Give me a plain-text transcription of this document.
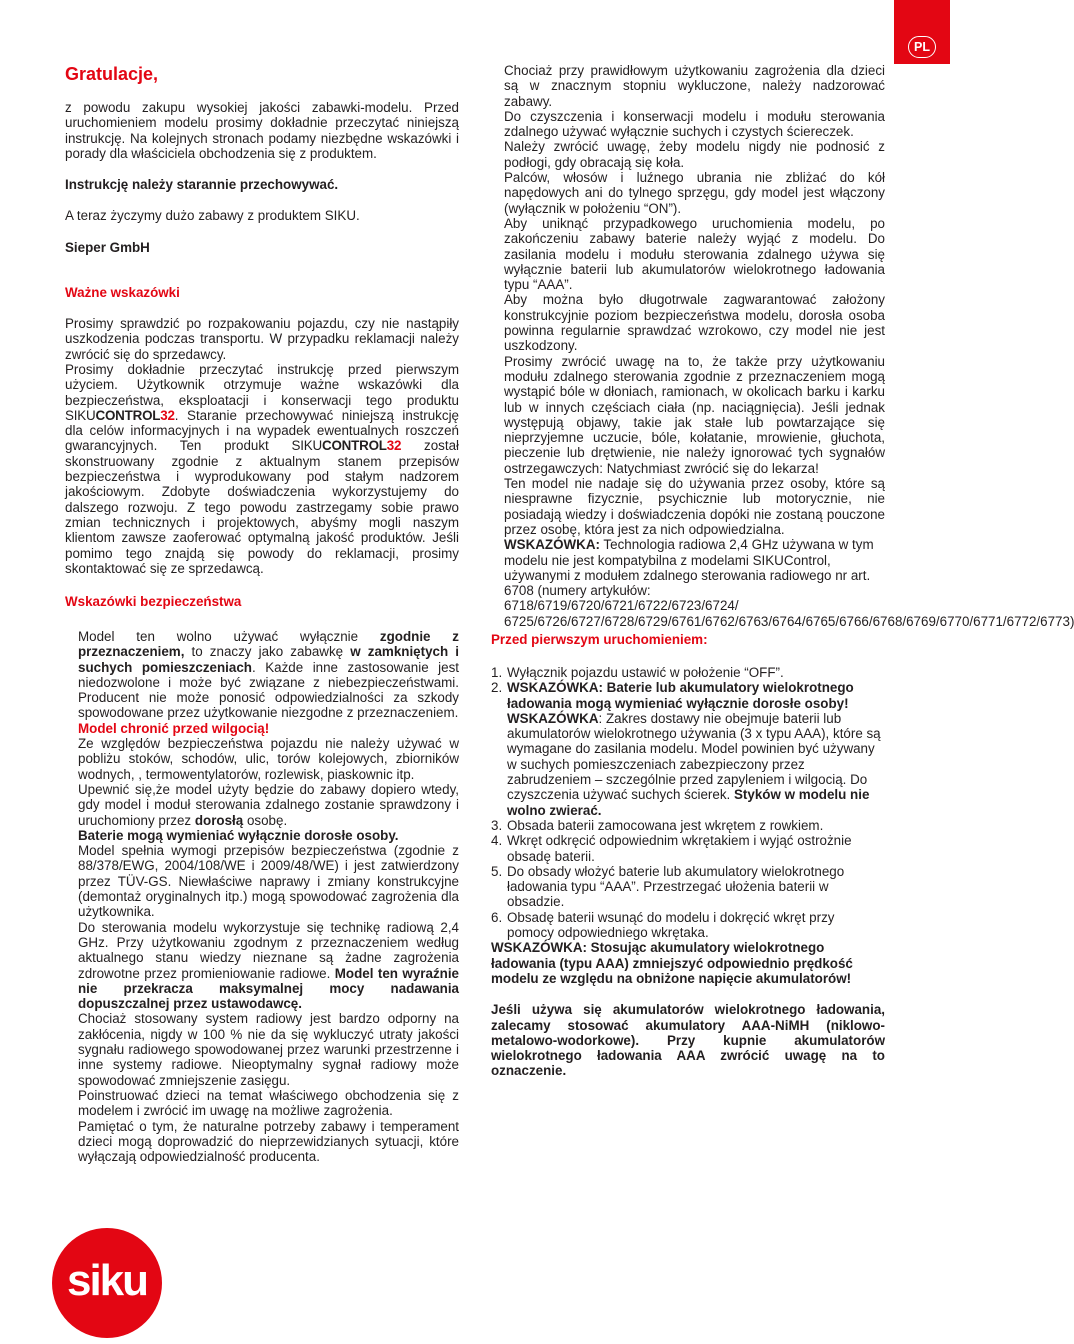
PL

Gratulacje,

z powodu zakupu wysokiej jakości zabawki-modelu. Przed uruchomieniem modelu prosimy dokładnie przeczytać niniejszą instrukcję. Na kolejnych stronach podamy niezbędne wskazówki i porady dla właściciela obchodzenia się z produktem.

Instrukcję należy starannie przechowywać.

A teraz życzymy dużo zabawy z produktem SIKU.

Sieper GmbH

Ważne wskazówki

Prosimy sprawdzić po rozpakowaniu pojazdu, czy nie nastąpiły uszkodzenia podczas transportu. W przypadku reklamacji należy zwrócić się do sprzedawcy.

Prosimy dokładnie przeczytać instrukcję przed pierwszym użyciem. Użytkownik otrzymuje ważne wskazówki dla bezpieczeństwa, eksploatacji i konserwacji tego produktu SIKUCONTROL32. Staranie przechowywać niniejszą instrukcję dla celów informacyjnych i na wypadek ewentualnych roszczeń gwarancyjnych. Ten produkt SIKUCONTROL32 został skonstruowany zgodnie z aktualnym stanem przepisów bezpieczeństwa i wyprodukowany pod stałym nadzorem jakościowym. Zdobyte doświadczenia wykorzystujemy do dalszego rozwoju. Z tego powodu zastrzegamy sobie prawo zmian technicznych i projektowych, abyśmy mogli naszym klientom zawsze zaoferować optymalną jakość produktów. Jeśli pomimo tego znajdą się powody do reklamacji, prosimy skontaktować się ze sprzedawcą.

Wskazówki bezpieczeństwa

Model ten wolno używać wyłącznie zgodnie z przeznaczeniem, to znaczy jako zabawkę w zamkniętych i suchych pomieszczeniach. Każde inne zastosowanie jest niedozwolone i może być związane z niebezpieczeństwami. Producent nie może ponosić odpowiedzialności za szkody spowodowane przez użytkowanie niezgodne z przeznaczeniem.

Model chronić przed wilgocią!

Ze względów bezpieczeństwa pojazdu nie należy używać w pobliżu stoków, schodów, ulic, torów kolejowych, zbiorników wodnych, , termowentylatorów, rozlewisk, piaskownic itp.

Upewnić się,że model użyty będzie do zabawy dopiero wtedy, gdy model i moduł sterowania zdalnego zostanie sprawdzony i uruchomiony przez dorosłą osobę.

Baterie mogą wymieniać wyłącznie dorosłe osoby.

Model spełnia wymogi przepisów bezpieczeństwa (zgodnie z 88/378/EWG, 2004/108/WE i 2009/48/WE) i jest zatwierdzony przez TÜV-GS. Niewłaściwe naprawy i zmiany konstrukcyjne (demontaż oryginalnych itp.) mogą spowodować zagrożenia dla użytkownika.

Do sterowania modelu wykorzystuje się technikę radiową 2,4 GHz. Przy użytkowaniu zgodnym z przeznaczeniem według aktualnego stanu wiedzy nieznane są żadne zagrożenia zdrowotne przez promieniowanie radiowe. Model ten wyraźnie nie przekracza maksymalnej mocy nadawania dopuszczalnej przez ustawodawcę.

Chociaż stosowany system radiowy jest bardzo odporny na zakłócenia, nigdy w 100 % nie da się wykluczyć utraty jakości sygnału radiowego spowodowanej przez warunki przestrzenne i inne systemy radiowe. Nieoptymalny sygnał radiowy może spowodować zmniejszenie zasięgu.

Poinstruować dzieci na temat właściwego obchodzenia się z modelem i zwrócić im uwagę na możliwe zagrożenia.

Pamiętać o tym, że naturalne potrzeby zabawy i temperament dzieci mogą doprowadzić do nieprzewidzianych sytuacji, które wyłączają odpowiedzialność producenta.

Chociaż przy prawidłowym użytkowaniu zagrożenia dla dzieci są w znacznym stopniu wykluczone, należy nadzorować zabawy.

Do czyszczenia i konserwacji modelu i modułu sterowania zdalnego używać wyłącznie suchych i czystych ściereczek.

Należy zwrócić uwagę, żeby modelu nigdy nie podnosić z podłogi, gdy obracają się koła.

Palców, włosów i luźnego ubrania nie zbliżać do kół napędowych ani do tylnego sprzęgu, gdy model jest włączony (wyłącznik w położeniu “ON”).

Aby uniknąć przypadkowego uruchomienia modelu, po zakończeniu zabawy baterie należy wyjąć z modelu. Do zasilania modelu i modułu sterowania zdalnego używa się wyłącznie baterii lub akumulatorów wielokrotnego ładowania typu “AAA”.

Aby można było długotrwale zagwarantować założony konstrukcyjnie poziom bezpieczeństwa modelu, dorosła osoba powinna regularnie sprawdzać wzrokowo, czy model nie jest uszkodzony.

Prosimy zwrócić uwagę na to, że także przy użytkowaniu modułu zdalnego sterowania zgodnie z przeznaczeniem mogą wystąpić bóle w dłoniach, ramionach, w okolicach barku i karku lub w innych częściach ciała (np. naciągnięcia). Jeśli jednak występują objawy, takie jak stałe lub powtarzające się nieprzyjemne uczucie, bóle, kołatanie, mrowienie, głuchota, pieczenie lub drętwienie, nie należy ignorować tych sygnałów ostrzegawczych: Natychmiast zwrócić się do lekarza!

Ten model nie nadaje się do używania przez osoby, które są niesprawne fizycznie, psychicznie lub motorycznie, nie posiadają wiedzy i doświadczenia dopóki nie zostaną pouczone przez osobę, która jest za nich odpowiedzialna.

WSKAZÓWKA: Technologia radiowa 2,4 GHz używana w tym modelu nie jest kompatybilna z modelami SIKUControl, używanymi z modułem zdalnego sterowania radiowego nr art. 6708 (numery artykułów: 6718/6719/6720/6721/6722/6723/6724/ 6725/6726/6727/6728/6729/6761/6762/6763/6764/6765/6766/6768/6769/6770/6771/6772/6773)

Przed pierwszym uruchomieniem:

1. Wyłącznik pojazdu ustawić w położenie “OFF”.
2. WSKAZÓWKA: Baterie lub akumulatory wielokrotnego ładowania mogą wymieniać wyłącznie dorosłe osoby!
WSKAZÓWKA: Zakres dostawy nie obejmuje baterii lub akumulatorów wielokrotnego używania (3 x typu AAA), które są wymagane do zasilania modelu. Model powinien być używany w suchych pomieszczeniach zabezpieczony przez zabrudzeniem – szczególnie przed zapyleniem i wilgocią. Do czyszczenia używać suchych ścierek. Styków w modelu nie wolno zwierać.
3. Obsada baterii zamocowana jest wkrętem z rowkiem.
4. Wkręt odkręcić odpowiednim wkrętakiem i wyjąć ostrożnie obsadę baterii.
5. Do obsady włożyć baterie lub akumulatory wielokrotnego ładowania typu “AAA”. Przestrzegać ułożenia baterii w obsadzie.
6. Obsadę baterii wsunąć do modelu i dokręcić wkręt przy pomocy odpowiedniego wkrętaka.

WSKAZÓWKA: Stosując akumulatory wielokrotnego ładowania (typu AAA) zmniejszyć odpowiednio prędkość modelu ze względu na obniżone napięcie akumulatorów!

Jeśli używa się akumulatorów wielokrotnego ładowania, zalecamy stosować akumulatory AAA-NiMH (niklowo-metalowo-wodorkowe). Przy kupnie akumulatorów wielokrotnego ładowania AAA zwrócić uwagę na to oznaczenie.

siku
